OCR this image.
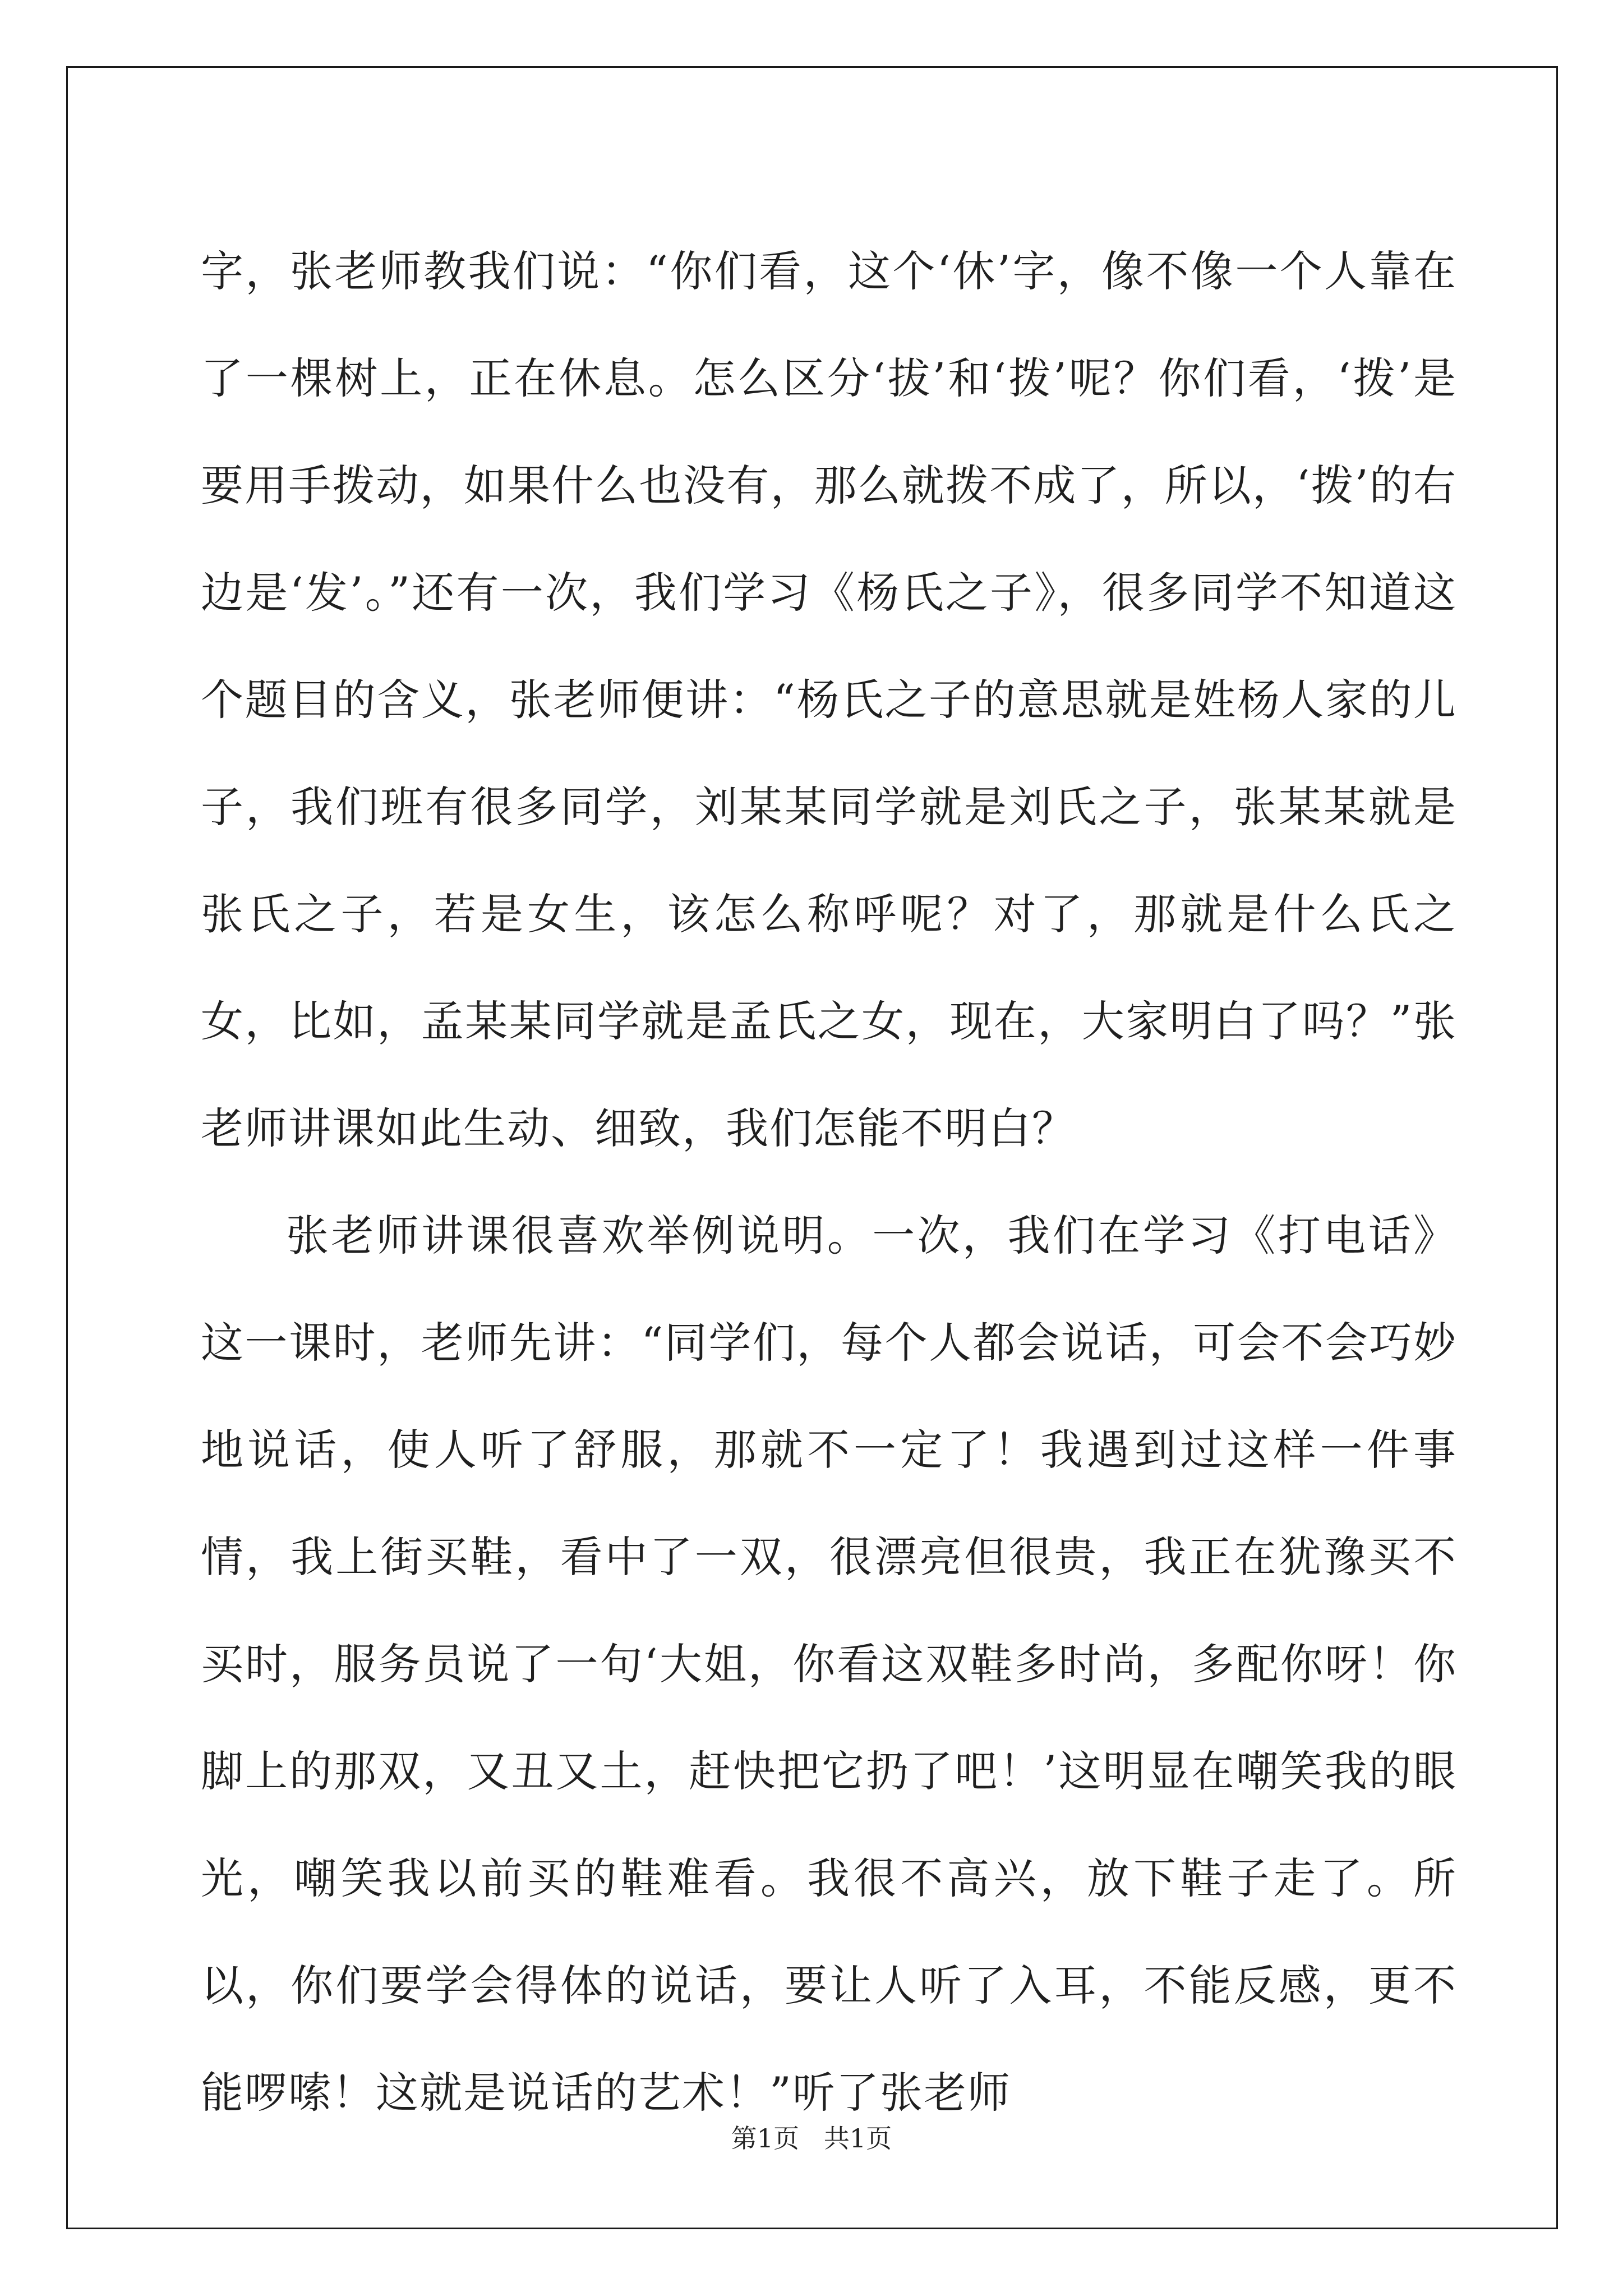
字，张老师教我们说：“你们看，这个‘休’字，像不像一个人靠在了一棵树上，正在休息。怎么区分‘拔’和‘拨’呢？你们看，‘拨’是要用手拨动，如果什么也没有，那么就拨不成了，所以，‘拨’的右边是‘发’。”还有一次，我们学习《杨氏之子》，很多同学不知道这个题目的含义，张老师便讲：“杨氏之子的意思就是姓杨人家的儿子，我们班有很多同学，刘某某同学就是刘氏之子，张某某就是张氏之子，若是女生，该怎么称呼呢？对了，那就是什么氏之女，比如，孟某某同学就是孟氏之女，现在，大家明白了吗？”张老师讲课如此生动、细致，我们怎能不明白？

张老师讲课很喜欢举例说明。一次，我们在学习《打电话》这一课时，老师先讲：“同学们，每个人都会说话，可会不会巧妙地说话，使人听了舒服，那就不一定了！我遇到过这样一件事情，我上街买鞋，看中了一双，很漂亮但很贵，我正在犹豫买不买时，服务员说了一句‘大姐，你看这双鞋多时尚，多配你呀！你脚上的那双，又丑又土，赶快把它扔了吧！’这明显在嘲笑我的眼光，嘲笑我以前买的鞋难看。我很不高兴，放下鞋子走了。所以，你们要学会得体的说话，要让人听了入耳，不能反感，更不能啰嗦！这就是说话的艺术！”听了张老师

第1页   共1页
